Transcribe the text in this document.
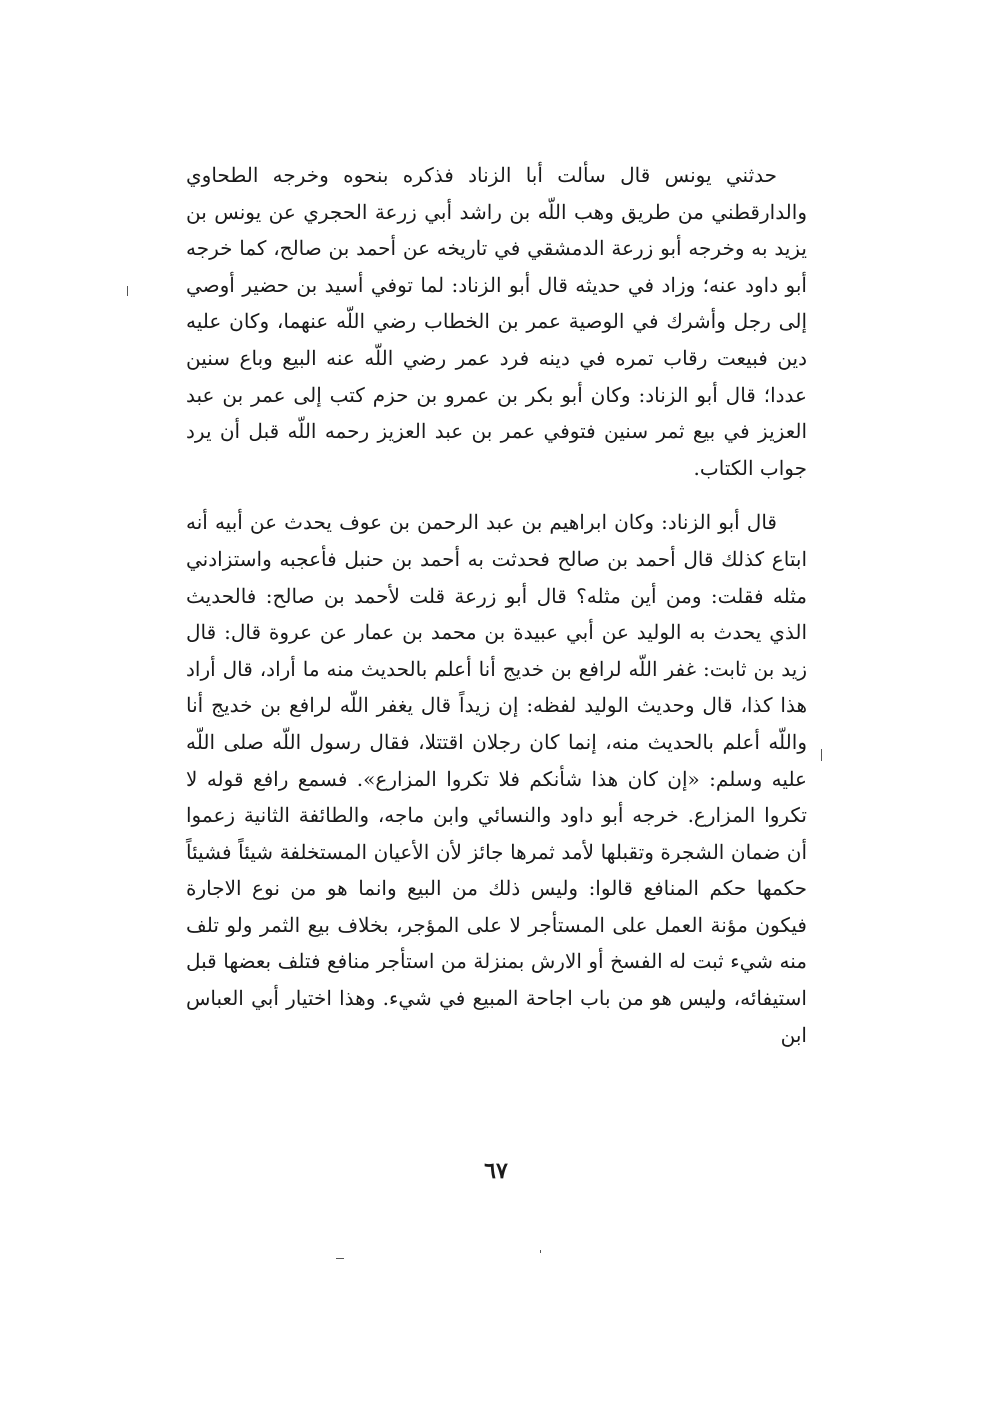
حدثني يونس قال سألت أبا الزناد فذكره بنحوه وخرجه الطحاوي والدارقطني من طريق وهب اللّه بن راشد أبي زرعة الحجري عن يونس بن يزيد به وخرجه أبو زرعة الدمشقي في تاريخه عن أحمد بن صالح، كما خرجه أبو داود عنه؛ وزاد في حديثه قال أبو الزناد: لما توفي أسيد بن حضير أوصي إلى رجل وأشرك في الوصية عمر بن الخطاب رضي اللّه عنهما، وكان عليه دين فبيعت رقاب تمره في دينه فرد عمر رضي اللّه عنه البيع وباع سنين عددا؛ قال أبو الزناد: وكان أبو بكر بن عمرو بن حزم كتب إلى عمر بن عبد العزيز في بيع ثمر سنين فتوفي عمر بن عبد العزيز رحمه اللّه قبل أن يرد جواب الكتاب.

قال أبو الزناد: وكان ابراهيم بن عبد الرحمن بن عوف يحدث عن أبيه أنه ابتاع كذلك قال أحمد بن صالح فحدثت به أحمد بن حنبل فأعجبه واستزادني مثله فقلت: ومن أين مثله؟ قال أبو زرعة قلت لأحمد بن صالح: فالحديث الذي يحدث به الوليد عن أبي عبيدة بن محمد بن عمار عن عروة قال: قال زيد بن ثابت: غفر اللّه لرافع بن خديج أنا أعلم بالحديث منه ما أراد، قال أراد هذا كذا، قال وحديث الوليد لفظه: إن زيداً قال يغفر اللّه لرافع بن خديج أنا واللّه أعلم بالحديث منه، إنما كان رجلان اقتتلا، فقال رسول اللّه صلى اللّه عليه وسلم: «إن كان هذا شأنكم فلا تكروا المزارع». فسمع رافع قوله لا تكروا المزارع. خرجه أبو داود والنسائي وابن ماجه، والطائفة الثانية زعموا أن ضمان الشجرة وتقبلها لأمد ثمرها جائز لأن الأعيان المستخلفة شيئاً فشيئاً حكمها حكم المنافع قالوا: وليس ذلك من البيع وانما هو من نوع الاجارة فيكون مؤنة العمل على المستأجر لا على المؤجر، بخلاف بيع الثمر ولو تلف منه شيء ثبت له الفسخ أو الارش بمنزلة من استأجر منافع فتلف بعضها قبل استيفائه، وليس هو من باب اجاحة المبيع في شيء. وهذا اختيار أبي العباس ابن

٦٧
